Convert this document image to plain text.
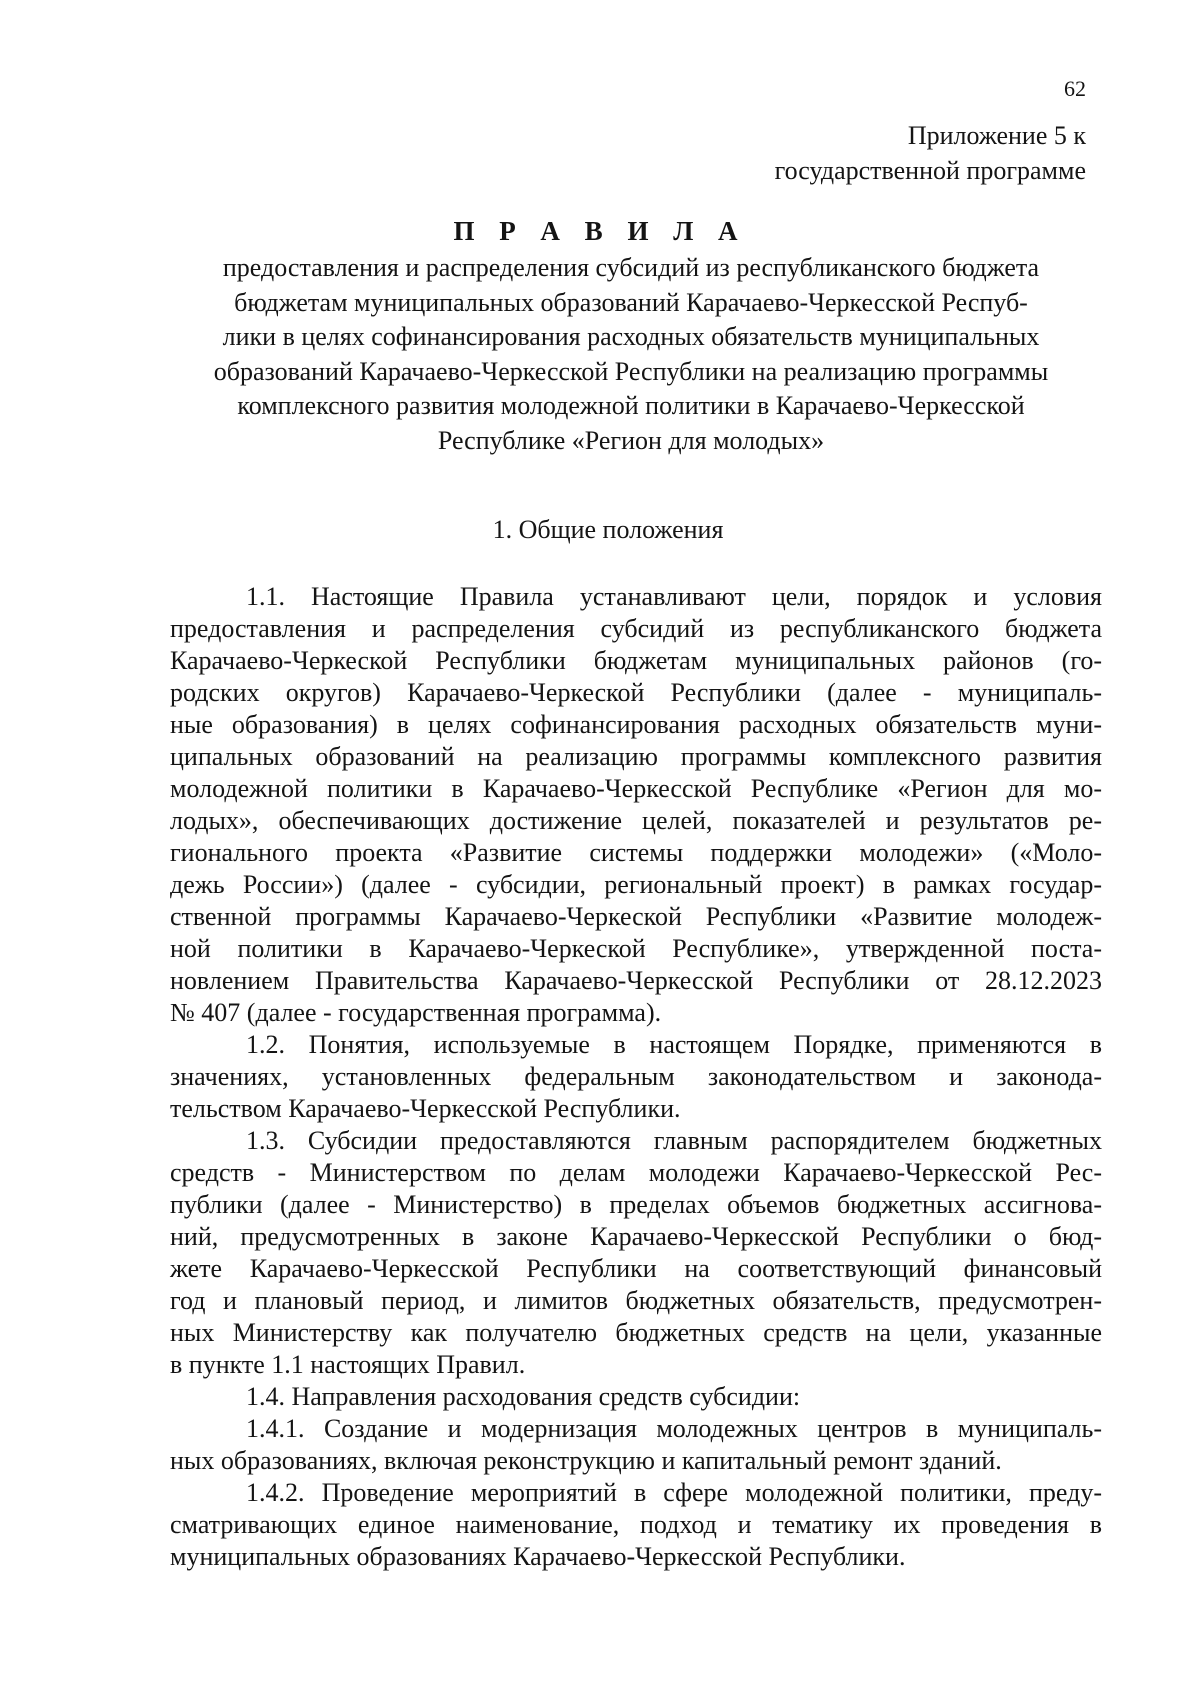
62
Приложение 5 к
государственной программе
П Р А В И Л А
предоставления и распределения субсидий из республиканского бюджета
бюджетам муниципальных образований Карачаево-Черкесской Респуб-
лики в целях софинансирования расходных обязательств муниципальных
образований Карачаево-Черкесской Республики на реализацию программы
комплексного развития молодежной политики в Карачаево-Черкесской
Республике «Регион для молодых»
1. Общие положения
1.1. Настоящие Правила устанавливают цели, порядок и условия
предоставления и распределения субсидий из республиканского бюджета
Карачаево-Черкеской Республики бюджетам муниципальных районов (го-
родских округов) Карачаево-Черкеской Республики (далее - муниципаль-
ные образования) в целях софинансирования расходных обязательств муни-
ципальных образований на реализацию программы комплексного развития
молодежной политики в Карачаево-Черкесской Республике «Регион для мо-
лодых», обеспечивающих достижение целей, показателей и результатов ре-
гионального проекта «Развитие системы поддержки молодежи» («Моло-
дежь России») (далее - субсидии, региональный проект) в рамках государ-
ственной программы Карачаево-Черкеской Республики «Развитие молодеж-
ной политики в Карачаево-Черкеской Республике», утвержденной поста-
новлением Правительства Карачаево-Черкесской Республики от 28.12.2023
№ 407 (далее - государственная программа).
1.2. Понятия, используемые в настоящем Порядке, применяются в
значениях, установленных федеральным законодательством и законода-
тельством Карачаево-Черкесской Республики.
1.3. Субсидии предоставляются главным распорядителем бюджетных
средств - Министерством по делам молодежи Карачаево-Черкесской Рес-
публики (далее - Министерство) в пределах объемов бюджетных ассигнова-
ний, предусмотренных в законе Карачаево-Черкесской Республики о бюд-
жете Карачаево-Черкесской Республики на соответствующий финансовый
год и плановый период, и лимитов бюджетных обязательств, предусмотрен-
ных Министерству как получателю бюджетных средств на цели, указанные
в пункте 1.1 настоящих Правил.
1.4. Направления расходования средств субсидии:
1.4.1. Создание и модернизация молодежных центров в муниципаль-
ных образованиях, включая реконструкцию и капитальный ремонт зданий.
1.4.2. Проведение мероприятий в сфере молодежной политики, преду-
сматривающих единое наименование, подход и тематику их проведения в
муниципальных образованиях Карачаево-Черкесской Республики.
